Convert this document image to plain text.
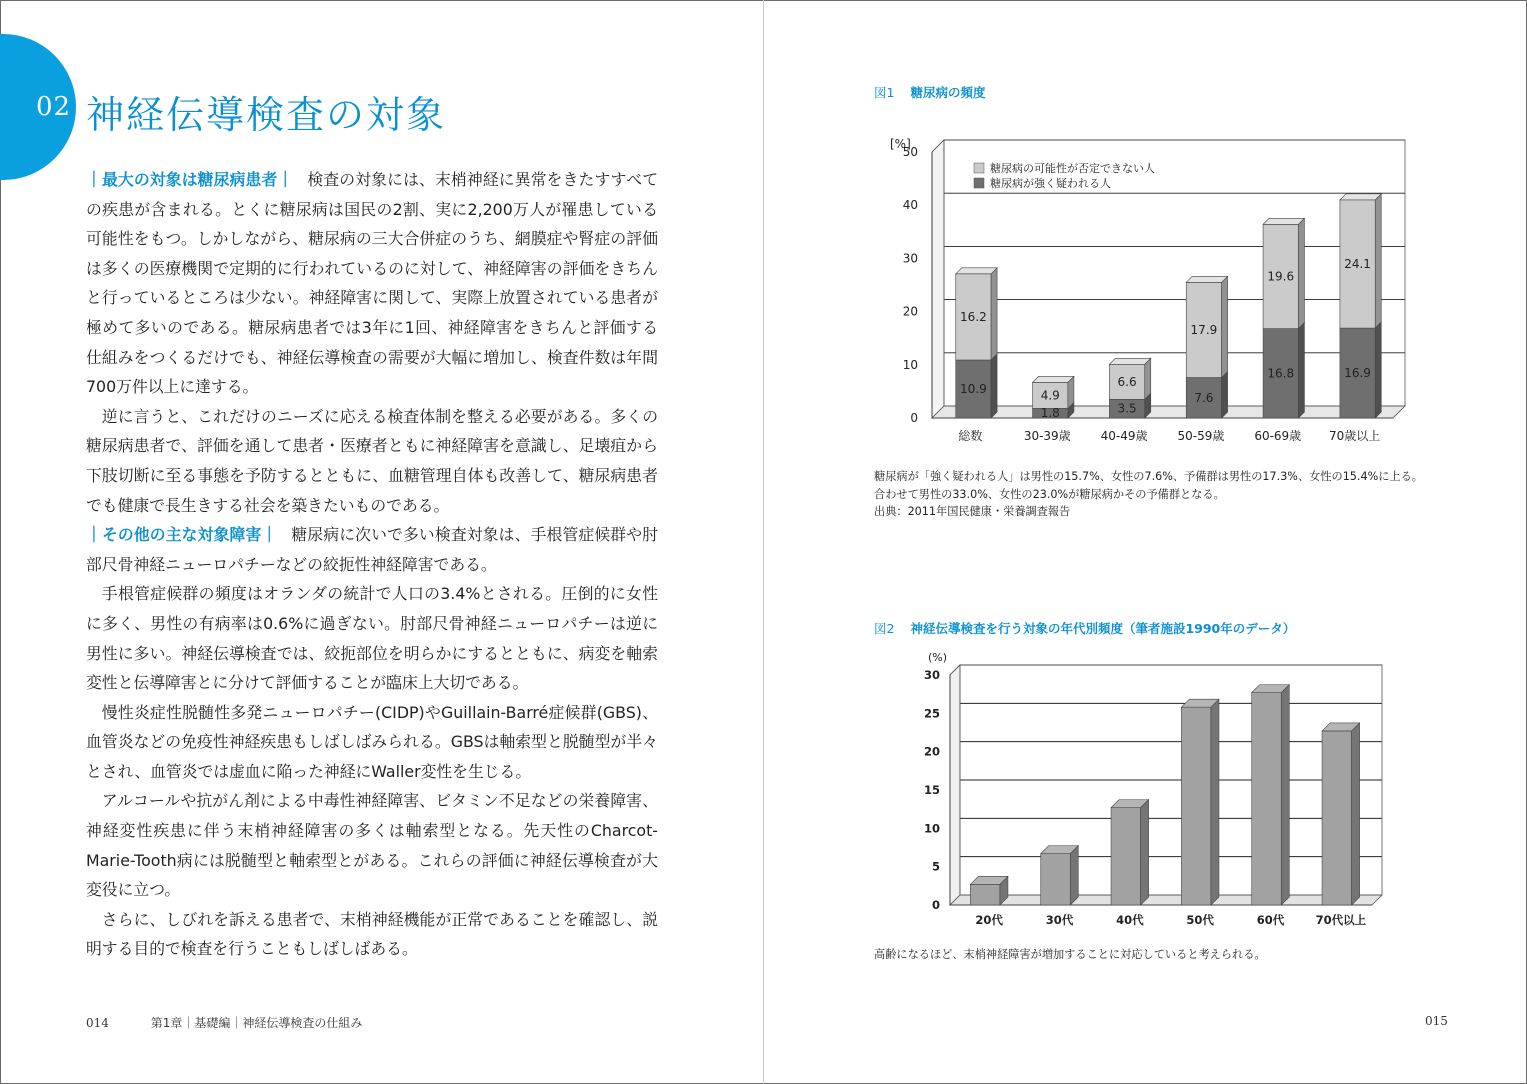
02 神経伝導検査の対象

｜最大の対象は糖尿病患者｜ 検査の対象には、末梢神経に異常をきたすすべての疾患が含まれる。とくに糖尿病は国民の2割、実に2,200万人が罹患している可能性をもつ。しかしながら、糖尿病の三大合併症のうち、網膜症や腎症の評価は多くの医療機関で定期的に行われているのに対して、神経障害の評価をきちんと行っているところは少ない。神経障害に関して、実際上放置されている患者が極めて多いのである。糖尿病患者では3年に1回、神経障害をきちんと評価する仕組みをつくるだけでも、神経伝導検査の需要が大幅に増加し、検査件数は年間700万件以上に達する。

逆に言うと、これだけのニーズに応える検査体制を整える必要がある。多くの糖尿病患者で、評価を通して患者・医療者ともに神経障害を意識し、足壊疽から下肢切断に至る事態を予防するとともに、血糖管理自体も改善して、糖尿病患者でも健康で長生きする社会を築きたいものである。

｜その他の主な対象障害｜ 糖尿病に次いで多い検査対象は、手根管症候群や肘部尺骨神経ニューロパチーなどの絞扼性神経障害である。

手根管症候群の頻度はオランダの統計で人口の3.4%とされる。圧倒的に女性に多く、男性の有病率は0.6%に過ぎない。肘部尺骨神経ニューロパチーは逆に男性に多い。神経伝導検査では、絞扼部位を明らかにするとともに、病変を軸索変性と伝導障害とに分けて評価することが臨床上大切である。

慢性炎症性脱髄性多発ニューロパチー(CIDP)やGuillain-Barré症候群(GBS)、血管炎などの免疫性神経疾患もしばしばみられる。GBSは軸索型と脱髄型が半々とされ、血管炎では虚血に陥った神経にWaller変性を生じる。

アルコールや抗がん剤による中毒性神経障害、ビタミン不足などの栄養障害、神経変性疾患に伴う末梢神経障害の多くは軸索型となる。先天性のCharcot-Marie-Tooth病には脱髄型と軸索型とがある。これらの評価に神経伝導検査が大変役に立つ。

さらに、しびれを訴える患者で、末梢神経機能が正常であることを確認し、説明する目的で検査を行うこともしばしばある。

014	第1章｜基礎編｜神経伝導検査の仕組み
図1 糖尿病の頻度
0
10
20
30
40
50
[%]
10.9
16.2
総数
1.8
4.9
30-39歳
3.5
6.6
40-49歳
7.6
17.9
50-59歳
16.8
19.6
60-69歳
16.9
24.1
70歳以上
糖尿病の可能性が否定できない人
糖尿病が強く疑われる人
糖尿病が「強く疑われる人」は男性の15.7%、女性の7.6%、予備群は男性の17.3%、女性の15.4%に上る。
合わせて男性の33.0%、女性の23.0%が糖尿病かその予備群となる。
出典：2011年国民健康・栄養調査報告
図2 神経伝導検査を行う対象の年代別頻度（筆者施設1990年のデータ）
0
5
10
15
20
25
30
(%)
20代	30代	40代	50代	60代	70代以上
高齢になるほど、末梢神経障害が増加することに対応していると考えられる。
015
